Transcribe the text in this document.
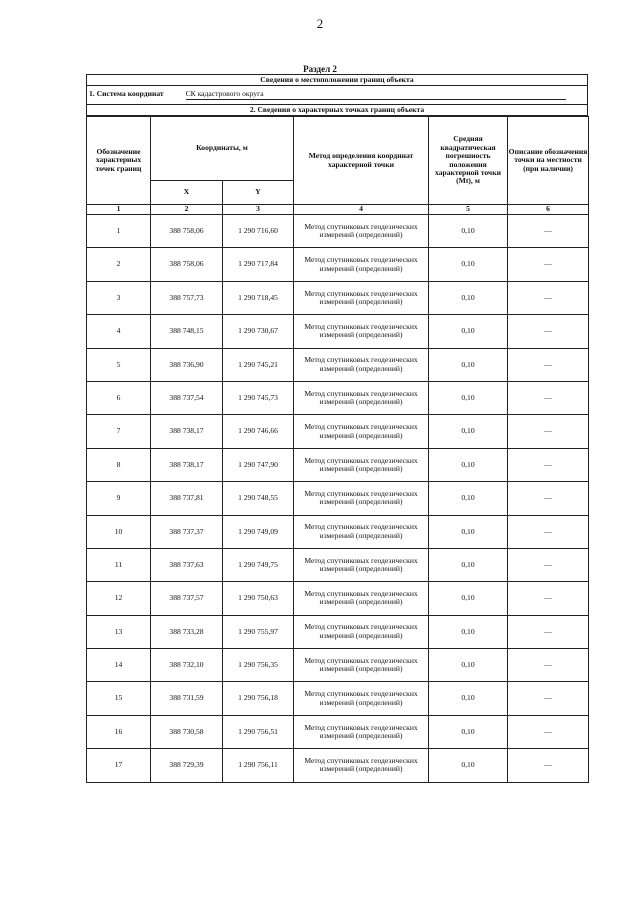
2
Раздел 2
Сведения о местоположении границ объекта
1. Система координат	СК кадастрового округа
2. Сведения о характерных точках границ объекта
Обозначение характерных точек границ	Координаты, м		Метод определения координат характерной точки	Средняя квадратическая погрешность положения характерной точки (Mt), м	Описание обозначения точки на местности (при наличии)
	X	Y			
1	2	3	4	5	6
1	388 758,06	1 290 716,60	Метод спутниковых геодезических измерений (определений)	0,10	—
2	388 758,06	1 290 717,84	Метод спутниковых геодезических измерений (определений)	0,10	—
3	388 757,73	1 290 718,45	Метод спутниковых геодезических измерений (определений)	0,10	—
4	388 748,15	1 290 730,67	Метод спутниковых геодезических измерений (определений)	0,10	—
5	388 736,90	1 290 745,21	Метод спутниковых геодезических измерений (определений)	0,10	—
6	388 737,54	1 290 745,73	Метод спутниковых геодезических измерений (определений)	0,10	—
7	388 738,17	1 290 746,66	Метод спутниковых геодезических измерений (определений)	0,10	—
8	388 738,17	1 290 747,90	Метод спутниковых геодезических измерений (определений)	0,10	—
9	388 737,81	1 290 748,55	Метод спутниковых геодезических измерений (определений)	0,10	—
10	388 737,37	1 290 749,09	Метод спутниковых геодезических измерений (определений)	0,10	—
11	388 737,63	1 290 749,75	Метод спутниковых геодезических измерений (определений)	0,10	—
12	388 737,57	1 290 750,63	Метод спутниковых геодезических измерений (определений)	0,10	—
13	388 733,28	1 290 755,97	Метод спутниковых геодезических измерений (определений)	0,10	—
14	388 732,10	1 290 756,35	Метод спутниковых геодезических измерений (определений)	0,10	—
15	388 731,59	1 290 756,18	Метод спутниковых геодезических измерений (определений)	0,10	—
16	388 730,58	1 290 756,51	Метод спутниковых геодезических измерений (определений)	0,10	—
17	388 729,39	1 290 756,11	Метод спутниковых геодезических измерений (определений)	0,10	—
